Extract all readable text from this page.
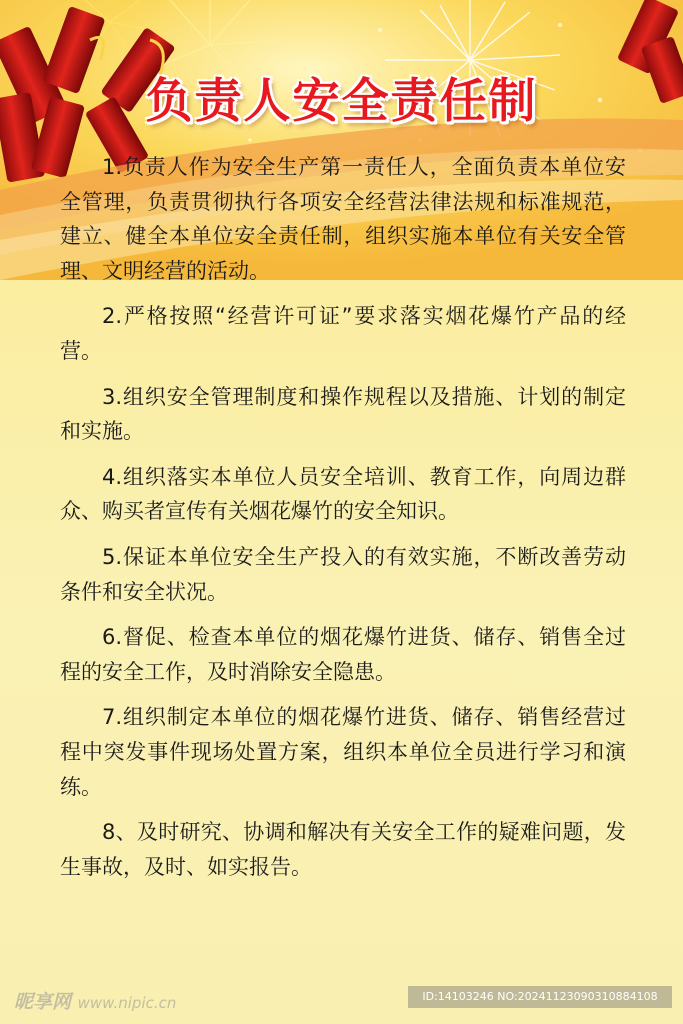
负责人安全责任制

1.负责人作为安全生产第一责任人，全面负责本单位安全管理，负责贯彻执行各项安全经营法律法规和标准规范，建立、健全本单位安全责任制，组织实施本单位有关安全管理、文明经营的活动。

2.严格按照“经营许可证”要求落实烟花爆竹产品的经营。

3.组织安全管理制度和操作规程以及措施、计划的制定和实施。

4.组织落实本单位人员安全培训、教育工作，向周边群众、购买者宣传有关烟花爆竹的安全知识。

5.保证本单位安全生产投入的有效实施，不断改善劳动条件和安全状况。

6.督促、检查本单位的烟花爆竹进货、储存、销售全过程的安全工作，及时消除安全隐患。

7.组织制定本单位的烟花爆竹进货、储存、销售经营过程中突发事件现场处置方案，组织本单位全员进行学习和演练。

8、及时研究、协调和解决有关安全工作的疑难问题，发生事故，及时、如实报告。

昵享网 www.nipic.cn	ID:14103246 NO:20241123090310884108
